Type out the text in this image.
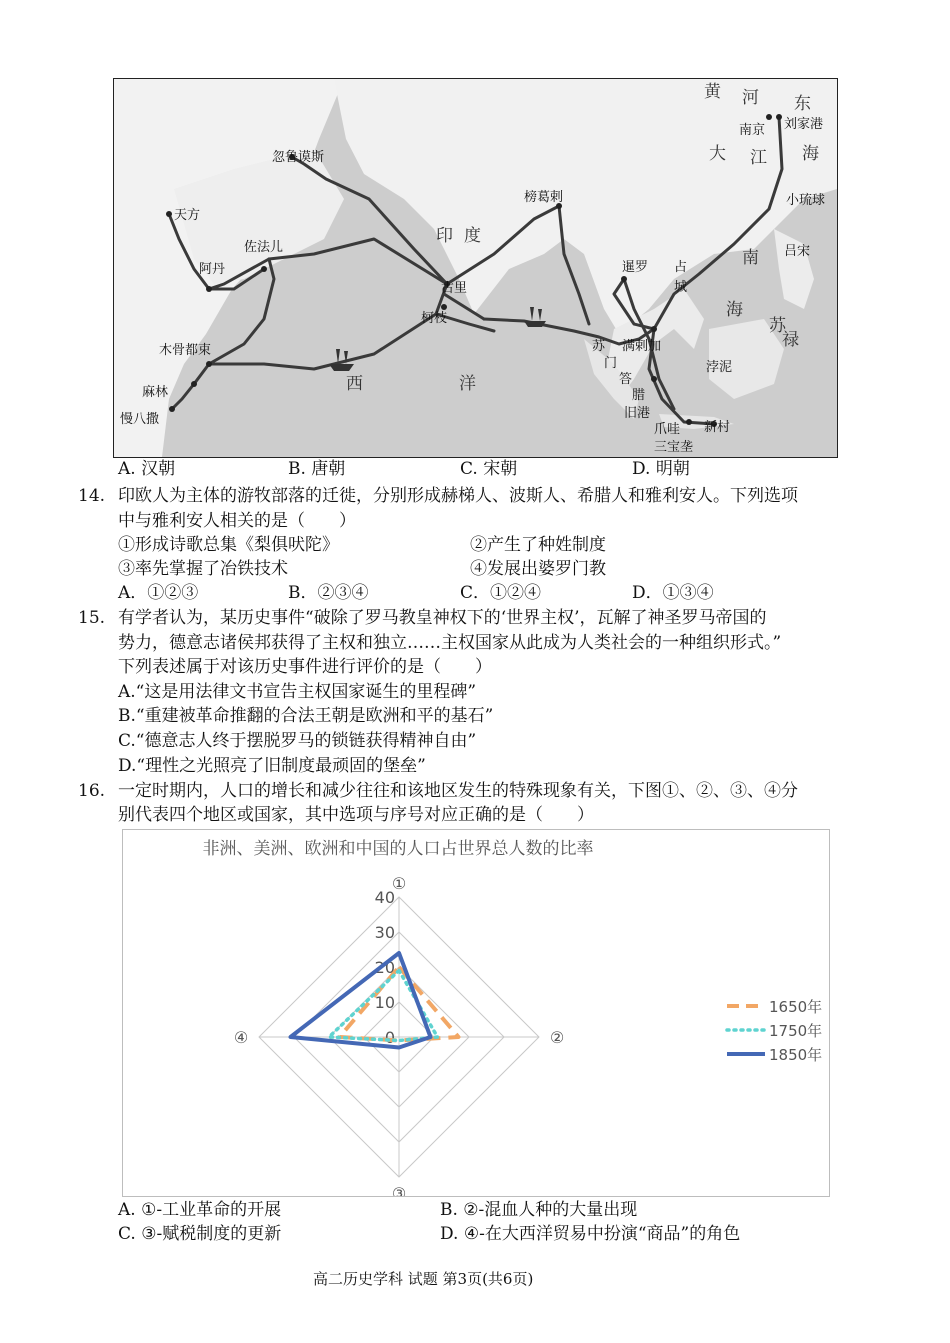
黄 河 东
南京 刘家港
海
大 江
小琉球
忽鲁谟斯
天方
佐法儿
阿丹
印 度
榜葛剌
古里
柯枝
暹罗 占
城
南
海
吕宋
苏
禄
浡泥
木骨都束
麻林
慢八撒
西	洋
苏
门
答
腊
满剌加
旧港
爪哇 新村
三宝垄
A. 汉朝	B. 唐朝	C. 宋朝	D. 明朝
14. 印欧人为主体的游牧部落的迁徙，分别形成赫梯人、波斯人、希腊人和雅利安人。下列选项
中与雅利安人相关的是（　　）
①形成诗歌总集《梨俱吠陀》	②产生了种姓制度
③率先掌握了冶铁技术	④发展出婆罗门教
A．①②③	B．②③④	C．①②④	D．①③④
15. 有学者认为，某历史事件“破除了罗马教皇神权下的‘世界主权’，瓦解了神圣罗马帝国的
势力，德意志诸侯邦获得了主权和独立……主权国家从此成为人类社会的一种组织形式。”
下列表述属于对该历史事件进行评价的是（　　）
A.“这是用法律文书宣告主权国家诞生的里程碑”
B.“重建被革命推翻的合法王朝是欧洲和平的基石”
C.“德意志人终于摆脱罗马的锁链获得精神自由”
D.“理性之光照亮了旧制度最顽固的堡垒”
16. 一定时期内，人口的增长和减少往往和该地区发生的特殊现象有关，下图①、②、③、④分
别代表四个地区或国家，其中选项与序号对应正确的是（　　）
非洲、美洲、欧洲和中国的人口占世界总人数的比率
0
10
20
30
40
①
②
③
④
1650年
1750年
1850年
A. ①-工业革命的开展	B. ②-混血人种的大量出现
C. ③-赋税制度的更新	D. ④-在大西洋贸易中扮演“商品”的角色
高二历史学科 试题 第3页(共6页)
